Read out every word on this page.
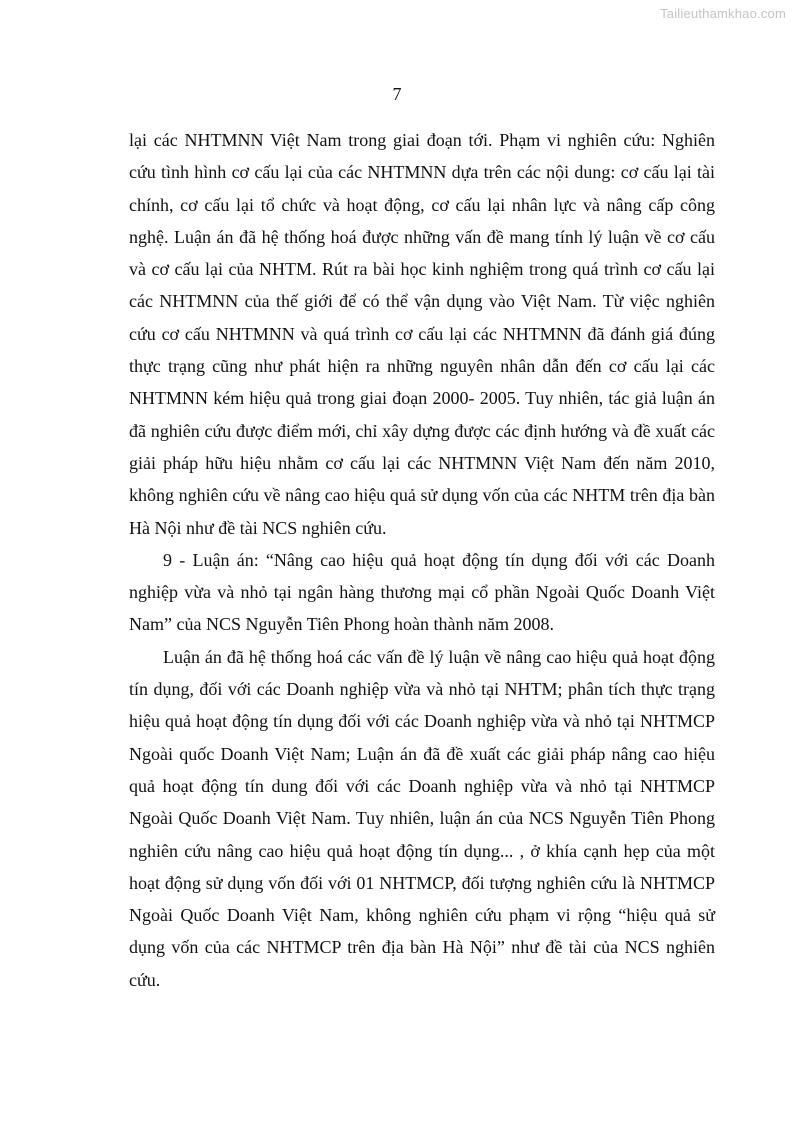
Tailieuthamkhao.com
7

lại các NHTMNN Việt Nam trong giai đoạn tới. Phạm vi nghiên cứu: Nghiên cứu tình hình cơ cấu lại của các NHTMNN dựa trên các nội dung: cơ cấu lại tài chính, cơ cấu lại tổ chức và hoạt động, cơ cấu lại nhân lực và nâng cấp công nghệ. Luận án đã hệ thống hoá được những vấn đề mang tính lý luận về cơ cấu và cơ cấu lại của NHTM. Rút ra bài học kinh nghiệm trong quá trình cơ cấu lại các NHTMNN của thế giới để có thể vận dụng vào Việt Nam. Từ việc nghiên cứu cơ cấu NHTMNN và quá trình cơ cấu lại các NHTMNN đã đánh giá đúng thực trạng cũng như phát hiện ra những nguyên nhân dẫn đến cơ cấu lại các NHTMNN kém hiệu quả trong giai đoạn 2000- 2005. Tuy nhiên, tác giả luận án đã nghiên cứu được điểm mới, chỉ xây dựng được các định hướng và đề xuất các giải pháp hữu hiệu nhằm cơ cấu lại các NHTMNN Việt Nam đến năm 2010, không nghiên cứu về nâng cao hiệu quả sử dụng vốn của các NHTM trên địa bàn Hà Nội như đề tài NCS nghiên cứu.

9 - Luận án: “Nâng cao hiệu quả hoạt động tín dụng đối với các Doanh nghiệp vừa và nhỏ tại ngân hàng thương mại cổ phần Ngoài Quốc Doanh Việt Nam” của NCS Nguyễn Tiên Phong hoàn thành năm 2008.

Luận án đã hệ thống hoá các vấn đề lý luận về nâng cao hiệu quả hoạt động tín dụng, đối với các Doanh nghiệp vừa và nhỏ tại NHTM; phân tích thực trạng hiệu quả hoạt động tín dụng đối với các Doanh nghiệp vừa và nhỏ tại NHTMCP Ngoài quốc Doanh Việt Nam; Luận án đã đề xuất các giải pháp nâng cao hiệu quả hoạt động tín dung đối với các Doanh nghiệp vừa và nhỏ tại NHTMCP Ngoài Quốc Doanh Việt Nam. Tuy nhiên, luận án của NCS Nguyễn Tiên Phong nghiên cứu nâng cao hiệu quả hoạt động tín dụng... , ở khía cạnh hẹp của một hoạt động sử dụng vốn đối với 01 NHTMCP, đối tượng nghiên cứu là NHTMCP Ngoài Quốc Doanh Việt Nam, không nghiên cứu phạm vi rộng “hiệu quả sử dụng vốn của các NHTMCP trên địa bàn Hà Nội” như đề tài của NCS nghiên cứu.
